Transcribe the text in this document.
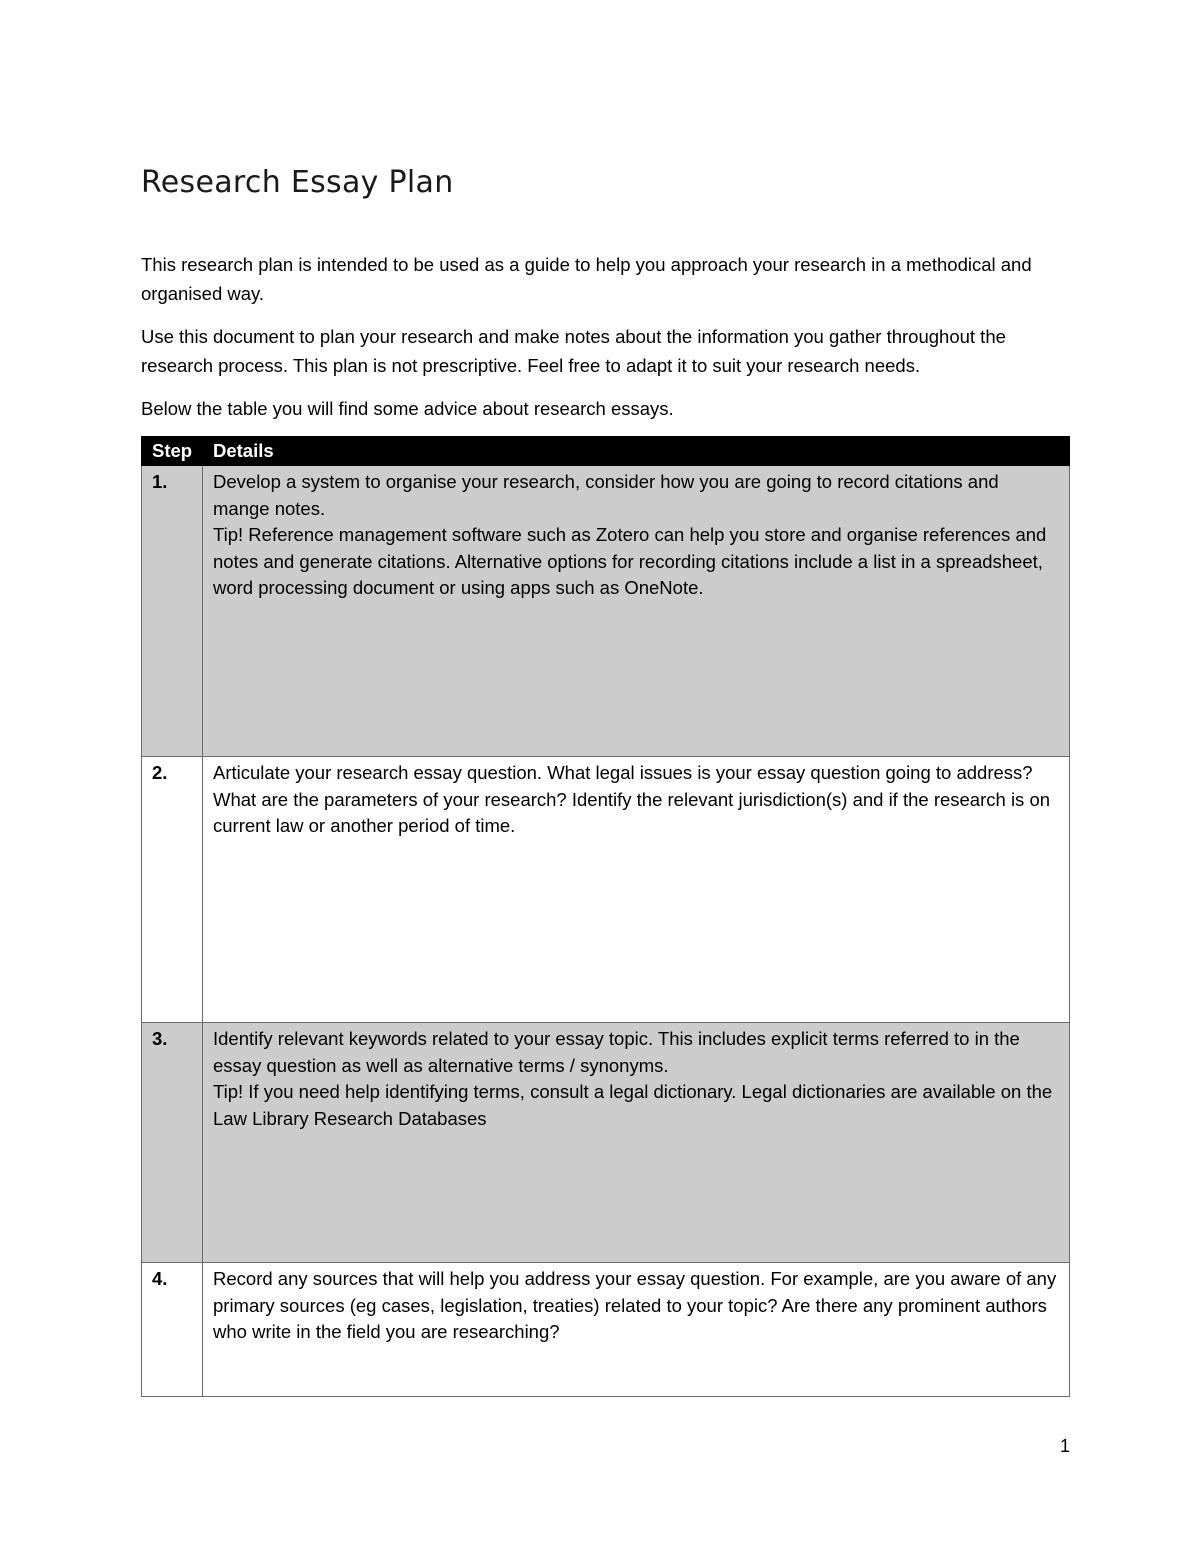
Research Essay Plan

This research plan is intended to be used as a guide to help you approach your research in a methodical and organised way.

Use this document to plan your research and make notes about the information you gather throughout the research process. This plan is not prescriptive. Feel free to adapt it to suit your research needs.

Below the table you will find some advice about research essays.

Step	Details
1.	Develop a system to organise your research, consider how you are going to record citations and mange notes.
Tip! Reference management software such as Zotero can help you store and organise references and notes and generate citations. Alternative options for recording citations include a list in a spreadsheet, word processing document or using apps such as OneNote.

2.	Articulate your research essay question. What legal issues is your essay question going to address? What are the parameters of your research? Identify the relevant jurisdiction(s) and if the research is on current law or another period of time.

3.	Identify relevant keywords related to your essay topic. This includes explicit terms referred to in the essay question as well as alternative terms / synonyms.
Tip! If you need help identifying terms, consult a legal dictionary. Legal dictionaries are available on the Law Library Research Databases

4.	Record any sources that will help you address your essay question. For example, are you aware of any primary sources (eg cases, legislation, treaties) related to your topic? Are there any prominent authors who write in the field you are researching?
1
